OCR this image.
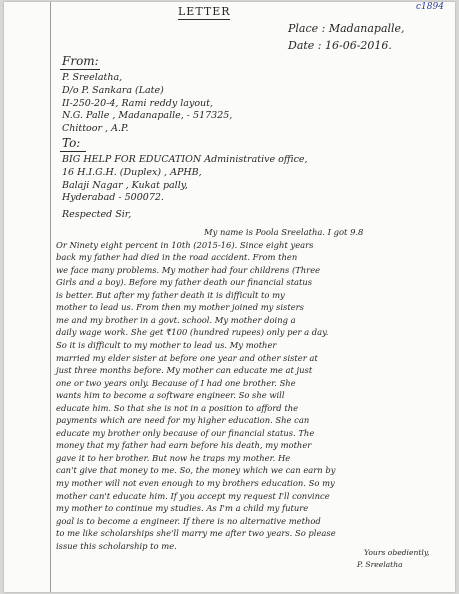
LETTER	c1894
Place : Madanapalle,
Date : 16-06-2016.
From:
P. Sreelatha,
D/o P. Sankara (Late)
II-250-20-4, Rami reddy layout,
N.G. Palle , Madanapalle, - 517325,
Chittoor , A.P.
To:
BIG HELP FOR EDUCATION Administrative office,
16 H.I.G.H. (Duplex) , APHB,
Balaji Nagar , Kukat pally,
Hyderabad - 500072.
Respected Sir,
My name is Poola Sreelatha. I got 9.8
Or Ninety eight percent in 10th (2015-16). Since eight years
back my father had died in the road accident. From then
we face many problems. My mother had four childrens (Three
Girls and a boy). Before my father death our financial status
is better. But after my father death it is difficult to my
mother to lead us. From then my mother joined my sisters
me and my brother in a govt. school. My mother doing a
daily wage work. She get ₹100 (hundred rupees) only per a day.
So it is difficult to my mother to lead us. My mother
married my elder sister at before one year and other sister at
just three months before. My mother can educate me at just
one or two years only. Because of I had one brother. She
wants him to become a software engineer. So she will
educate him. So that she is not in a position to afford the
payments which are need for my higher education. She can
educate my brother only because of our financial status. The
money that my father had earn before his death, my mother
gave it to her brother. But now he traps my mother. He
can't give that money to me. So, the money which we can earn by
my mother will not even enough to my brothers education. So my
mother can't educate him. If you accept my request I'll convince
my mother to continue my studies. As I'm a child my future
goal is to become a engineer. If there is no alternative method
to me like scholarships she'll marry me after two years. So please
issue this scholarship to me.
Yours obediently,
P. Sreelatha
